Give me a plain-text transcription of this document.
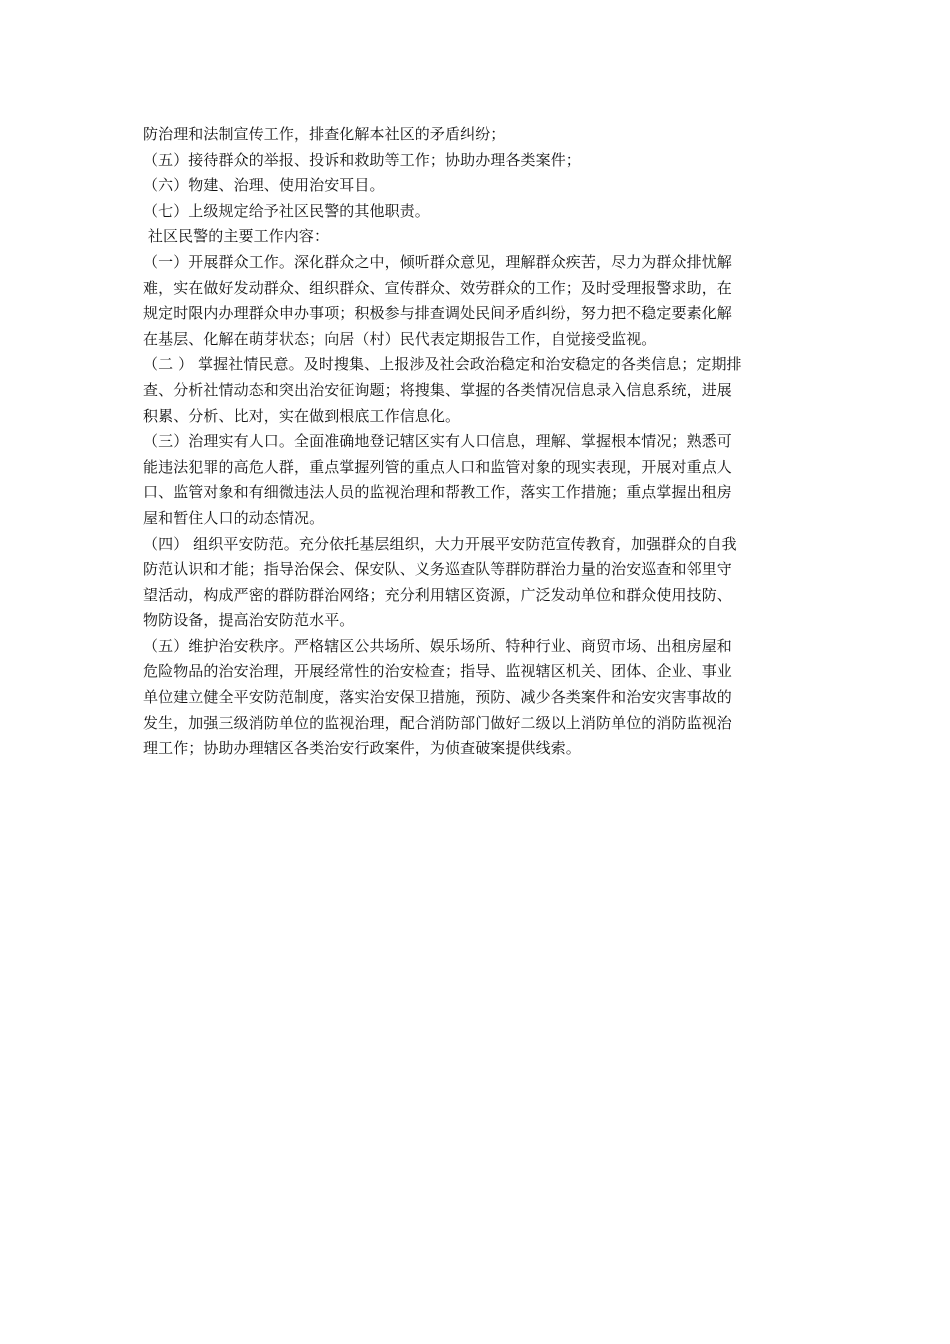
防治理和法制宣传工作，排查化解本社区的矛盾纠纷；
（五）接待群众的举报、投诉和救助等工作；协助办理各类案件；
（六）物建、治理、使用治安耳目。
（七）上级规定给予社区民警的其他职责。
社区民警的主要工作内容：
（一）开展群众工作。深化群众之中，倾听群众意见，理解群众疾苦，尽力为群众排忧解
难，实在做好发动群众、组织群众、宣传群众、效劳群众的工作；及时受理报警求助，在
规定时限内办理群众申办事项；积极参与排查调处民间矛盾纠纷，努力把不稳定要素化解
在基层、化解在萌芽状态；向居（村）民代表定期报告工作，自觉接受监视。
（二 ） 掌握社情民意。及时搜集、上报涉及社会政治稳定和治安稳定的各类信息；定期排
查、分析社情动态和突出治安征询题；将搜集、掌握的各类情况信息录入信息系统，进展
积累、分析、比对，实在做到根底工作信息化。
（三）治理实有人口。全面准确地登记辖区实有人口信息，理解、掌握根本情况；熟悉可
能违法犯罪的高危人群，重点掌握列管的重点人口和监管对象的现实表现，开展对重点人
口、监管对象和有细微违法人员的监视治理和帮教工作，落实工作措施；重点掌握出租房
屋和暂住人口的动态情况。
（四） 组织平安防范。充分依托基层组织，大力开展平安防范宣传教育，加强群众的自我
防范认识和才能；指导治保会、保安队、义务巡查队等群防群治力量的治安巡查和邻里守
望活动，构成严密的群防群治网络；充分利用辖区资源，广泛发动单位和群众使用技防、
物防设备，提高治安防范水平。
（五）维护治安秩序。严格辖区公共场所、娱乐场所、特种行业、商贸市场、出租房屋和
危险物品的治安治理，开展经常性的治安检查；指导、监视辖区机关、团体、企业、事业
单位建立健全平安防范制度，落实治安保卫措施，预防、减少各类案件和治安灾害事故的
发生，加强三级消防单位的监视治理，配合消防部门做好二级以上消防单位的消防监视治
理工作；协助办理辖区各类治安行政案件，为侦查破案提供线索。
